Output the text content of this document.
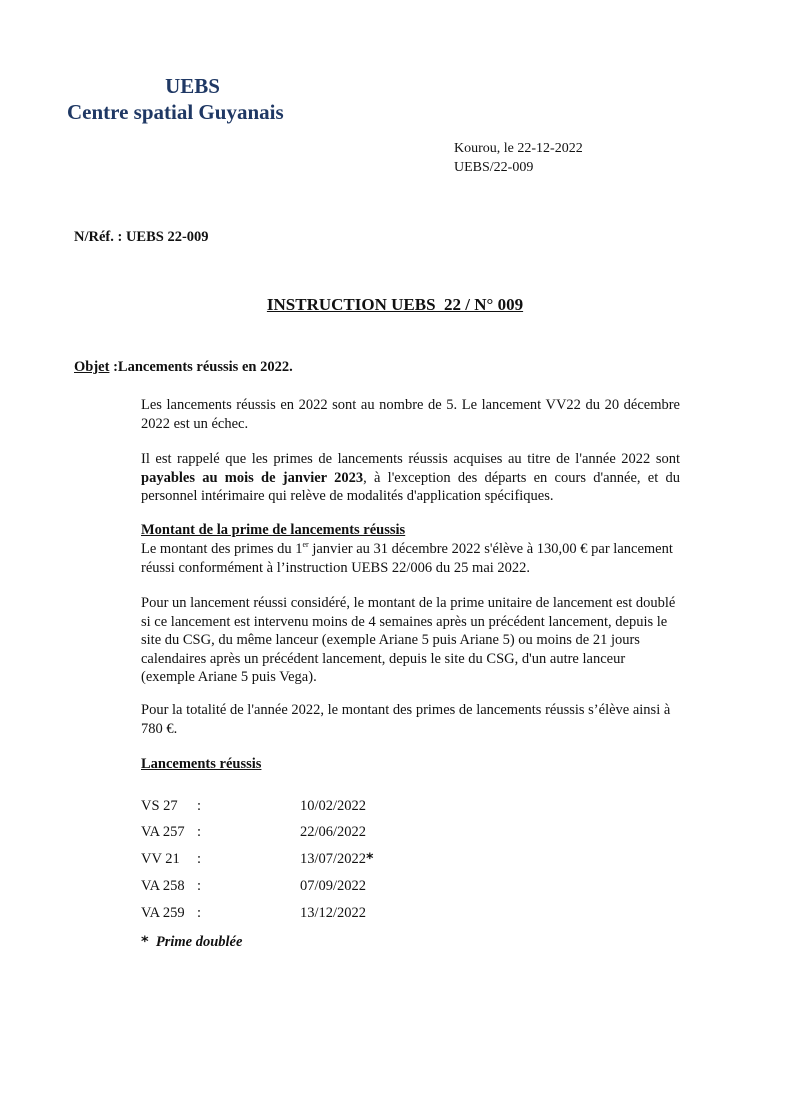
UEBS
Centre spatial Guyanais
Kourou, le 22-12-2022
UEBS/22-009
N/Réf. : UEBS 22-009
INSTRUCTION UEBS  22 / N° 009
Objet :Lancements réussis en 2022.
Les lancements réussis en 2022 sont au nombre de 5. Le lancement VV22 du 20 décembre 2022 est un échec.
Il est rappelé que les primes de lancements réussis acquises au titre de l'année 2022 sont payables au mois de janvier 2023, à l'exception des départs en cours d'année, et du personnel intérimaire qui relève de modalités d'application spécifiques.
Montant de la prime de lancements réussis
Le montant des primes du 1er janvier au 31 décembre 2022 s'élève à 130,00 € par lancement réussi conformément à l’instruction UEBS 22/006 du 25 mai 2022.
Pour un lancement réussi considéré, le montant de la prime unitaire de lancement est doublé si ce lancement est intervenu moins de 4 semaines après un précédent lancement, depuis le site du CSG, du même lanceur (exemple Ariane 5 puis Ariane 5) ou moins de 21 jours calendaires après un précédent lancement, depuis le site du CSG, d'un autre lanceur (exemple Ariane 5 puis Vega).
Pour la totalité de l'année 2022, le montant des primes de lancements réussis s’élève ainsi à 780 €.
Lancements réussis
VS 27 :	10/02/2022
VA 257 :	22/06/2022
VV 21 :	13/07/2022*
VA 258 :	07/09/2022
VA 259 :	13/12/2022
* Prime doublée
